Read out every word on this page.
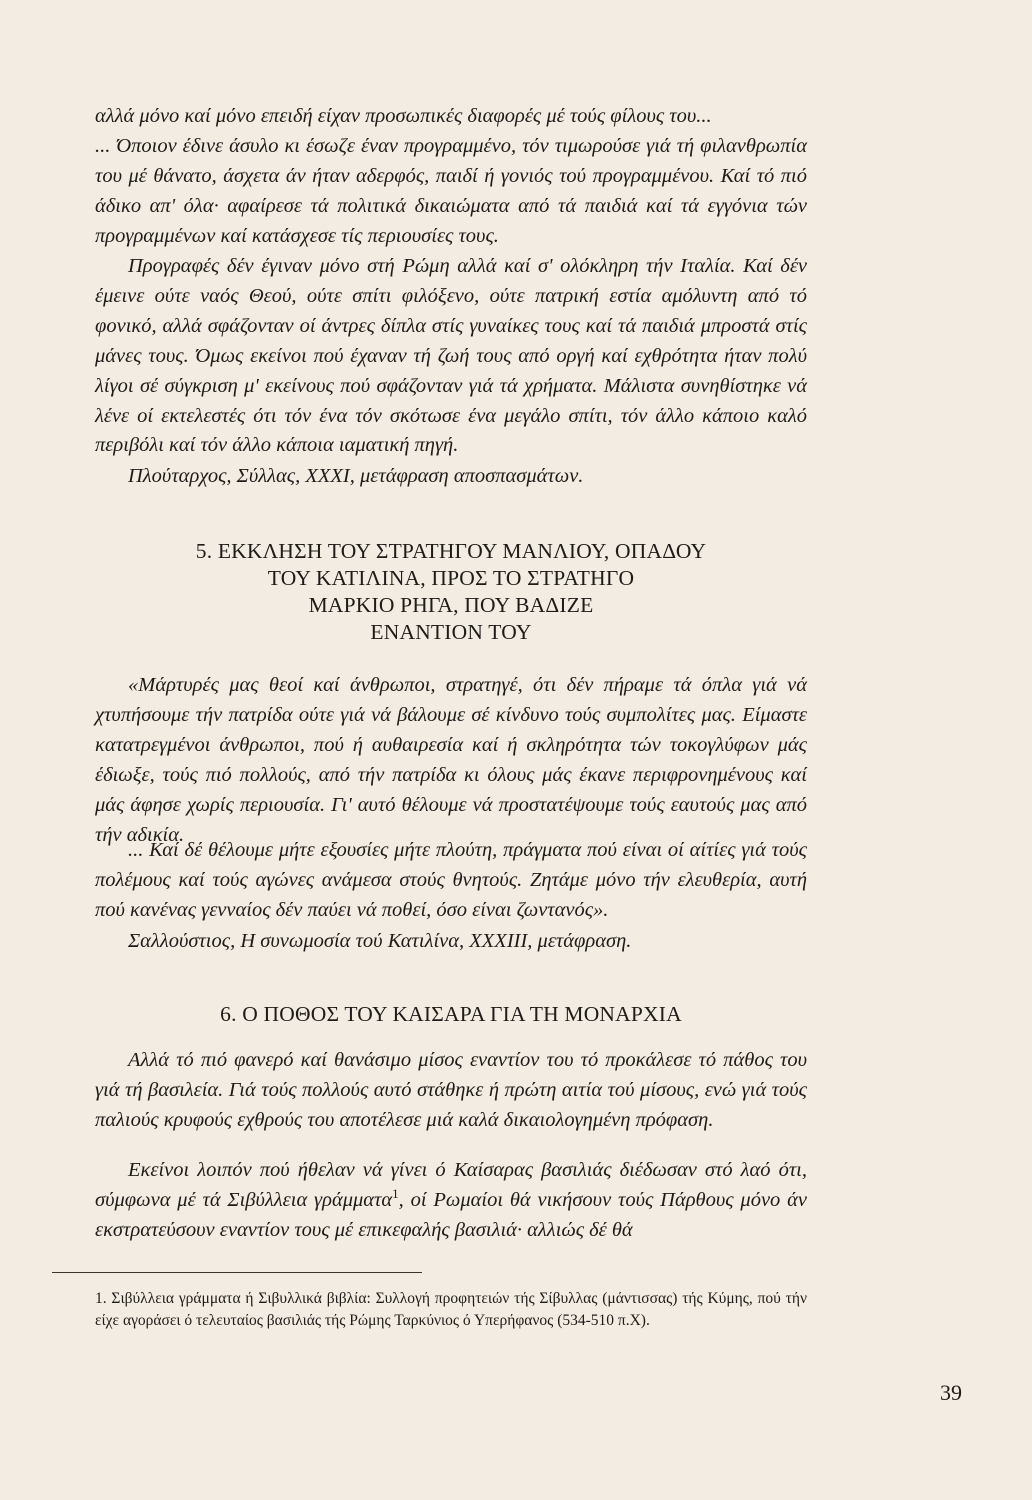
αλλά μόνο καί μόνο επειδή είχαν προσωπικές διαφορές μέ τούς φίλους του...

... Όποιον έδινε άσυλο κι έσωζε έναν προγραμμένο, τόν τιμωρούσε γιά τή φιλανθρωπία του μέ θάνατο, άσχετα άν ήταν αδερφός, παιδί ή γονιός τού προγραμμένου. Καί τό πιό άδικο απ' όλα· αφαίρεσε τά πολιτικά δικαιώματα από τά παιδιά καί τά εγγόνια τών προγραμμένων καί κατάσχεσε τίς περιουσίες τους.

Προγραφές δέν έγιναν μόνο στή Ρώμη αλλά καί σ' ολόκληρη τήν Ιταλία. Καί δέν έμεινε ούτε ναός Θεού, ούτε σπίτι φιλόξενο, ούτε πατρική εστία αμόλυντη από τό φονικό, αλλά σφάζονταν οί άντρες δίπλα στίς γυναίκες τους καί τά παιδιά μπροστά στίς μάνες τους. Όμως εκείνοι πού έχαναν τή ζωή τους από οργή καί εχθρότητα ήταν πολύ λίγοι σέ σύγκριση μ' εκείνους πού σφάζονταν γιά τά χρήματα. Μάλιστα συνηθίστηκε νά λένε οί εκτελεστές ότι τόν ένα τόν σκότωσε ένα μεγάλο σπίτι, τόν άλλο κάποιο καλό περιβόλι καί τόν άλλο κάποια ιαματική πηγή.

Πλούταρχος, Σύλλας, XXXI, μετάφραση αποσπασμάτων.

5. ΕΚΚΛΗΣΗ ΤΟΥ ΣΤΡΑΤΗΓΟΥ ΜΑΝΛΙΟΥ, ΟΠΑΔΟΥ
ΤΟΥ ΚΑΤΙΛΙΝΑ, ΠΡΟΣ ΤΟ ΣΤΡΑΤΗΓΟ
ΜΑΡΚΙΟ ΡΗΓΑ, ΠΟΥ ΒΑΔΙΖΕ
ΕΝΑΝΤΙΟΝ ΤΟΥ

«Μάρτυρές μας θεοί καί άνθρωποι, στρατηγέ, ότι δέν πήραμε τά όπλα γιά νά χτυπήσουμε τήν πατρίδα ούτε γιά νά βάλουμε σέ κίνδυνο τούς συμπολίτες μας. Είμαστε κατατρεγμένοι άνθρωποι, πού ή αυθαιρεσία καί ή σκληρότητα τών τοκογλύφων μάς έδιωξε, τούς πιό πολλούς, από τήν πατρίδα κι όλους μάς έκανε περιφρονημένους καί μάς άφησε χωρίς περιουσία. Γι' αυτό θέλουμε νά προστατέψουμε τούς εαυτούς μας από τήν αδικία.

... Καί δέ θέλουμε μήτε εξουσίες μήτε πλούτη, πράγματα πού είναι οί αίτίες γιά τούς πολέμους καί τούς αγώνες ανάμεσα στούς θνητούς. Ζητάμε μόνο τήν ελευθερία, αυτή πού κανένας γενναίος δέν παύει νά ποθεί, όσο είναι ζωντανός».

Σαλλούστιος, Η συνωμοσία τού Κατιλίνα, XXXIII, μετάφραση.

6. Ο ΠΟΘΟΣ ΤΟΥ ΚΑΙΣΑΡΑ ΓΙΑ ΤΗ ΜΟΝΑΡΧΙΑ

Αλλά τό πιό φανερό καί θανάσιμο μίσος εναντίον του τό προκάλεσε τό πάθος του γιά τή βασιλεία. Γιά τούς πολλούς αυτό στάθηκε ή πρώτη αιτία τού μίσους, ενώ γιά τούς παλιούς κρυφούς εχθρούς του αποτέλεσε μιά καλά δικαιολογημένη πρόφαση.

Εκείνοι λοιπόν πού ήθελαν νά γίνει ό Καίσαρας βασιλιάς διέδωσαν στό λαό ότι, σύμφωνα μέ τά Σιβύλλεια γράμματα$^1$, οί Ρωμαίοι θά νικήσουν τούς Πάρθους μόνο άν εκστρατεύσουν εναντίον τους μέ επικεφαλής βασιλιά· αλλιώς δέ θά

1. Σιβύλλεια γράμματα ή Σιβυλλικά βιβλία: Συλλογή προφητειών τής Σίβυλλας (μάντισσας) τής Κύμης, πού τήν είχε αγοράσει ό τελευταίος βασιλιάς τής Ρώμης Ταρκύνιος ό Υπερήφανος (534-510 π.Χ).

39
